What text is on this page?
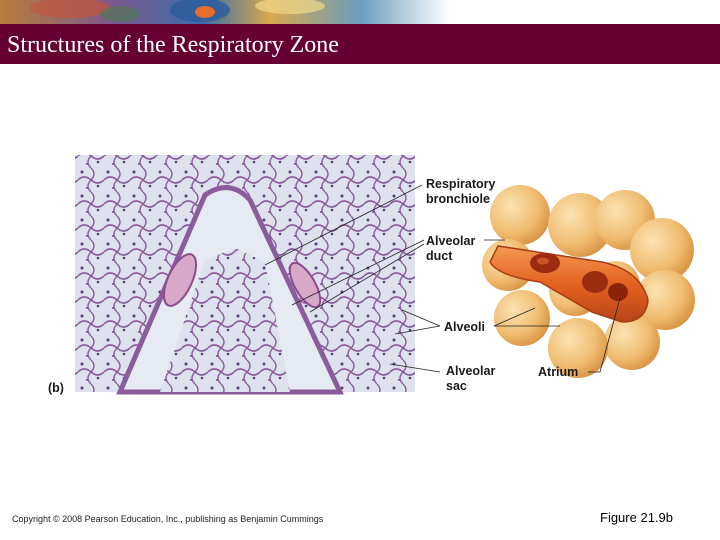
Structures of the Respiratory Zone
(b)
Respiratory
bronchiole
Alveolar
duct
Alveoli
Alveolar
sac
Atrium
Copyright © 2008 Pearson Education, Inc., publishing as Benjamin Cummings	Figure 21.9b
